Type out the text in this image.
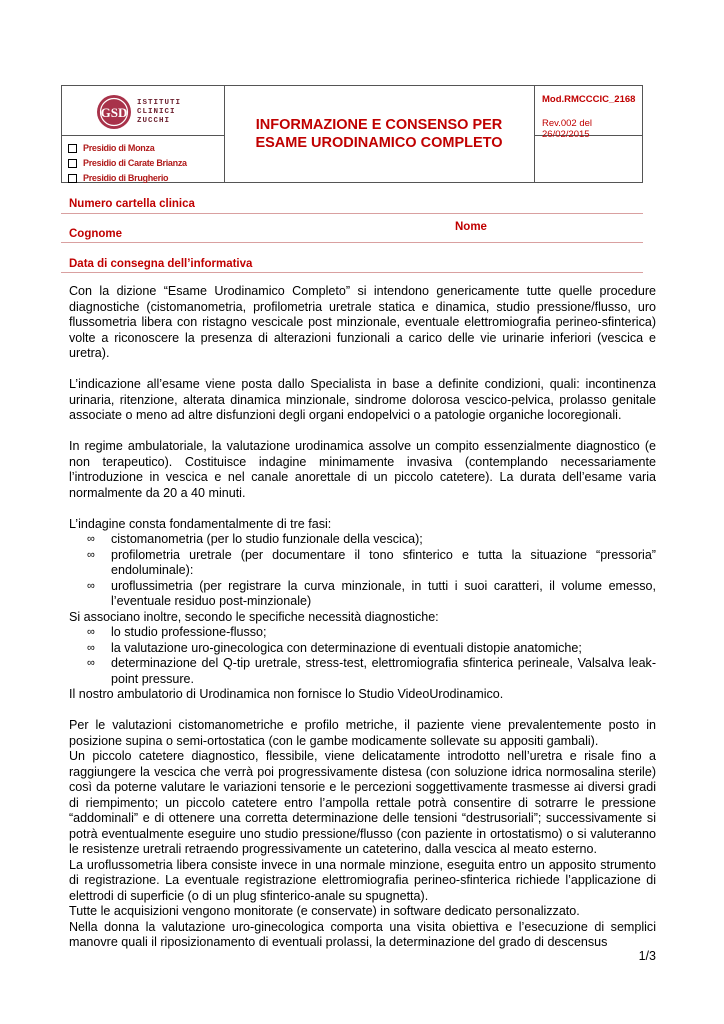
GSD
ISTITUTI
CLINICI
ZUCCHI
Presidio di Monza
Presidio di Carate Brianza
Presidio di Brugherio
INFORMAZIONE E CONSENSO PER
ESAME URODINAMICO COMPLETO
Mod.RMCCCIC_2168
Rev.002 del 26/02/2015
Numero cartella clinica
Nome
Cognome
Data di consegna dell’informativa

Con la dizione “Esame Urodinamico Completo” si intendono genericamente tutte quelle procedure diagnostiche (cistomanometria, profilometria uretrale statica e dinamica, studio pressione/flusso, uro flussometria libera con ristagno vescicale post minzionale, eventuale elettromiografia perineo-sfinterica) volte a riconoscere la presenza di alterazioni funzionali a carico delle vie urinarie inferiori (vescica e uretra).

L’indicazione all’esame viene posta dallo Specialista in base a definite condizioni, quali: incontinenza urinaria, ritenzione, alterata dinamica minzionale, sindrome dolorosa vescico-pelvica, prolasso genitale associate o meno ad altre disfunzioni degli organi endopelvici o a patologie organiche locoregionali.

In regime ambulatoriale, la valutazione urodinamica assolve un compito essenzialmente diagnostico (e non terapeutico). Costituisce indagine minimamente invasiva (contemplando necessariamente l’introduzione in vescica e nel canale anorettale di un piccolo catetere). La durata dell’esame varia normalmente da 20 a 40 minuti.

L’indagine consta fondamentalmente di tre fasi:

∞ cistomanometria (per lo studio funzionale della vescica);
∞ profilometria uretrale (per documentare il tono sfinterico e tutta la situazione “pressoria” endoluminale):
∞ uroflussimetria (per registrare la curva minzionale, in tutti i suoi caratteri, il volume emesso, l’eventuale residuo post-minzionale)

Si associano inoltre, secondo le specifiche necessità diagnostiche:

∞ lo studio professione-flusso;
∞ la valutazione uro-ginecologica con determinazione di eventuali distopie anatomiche;
∞ determinazione del Q-tip uretrale, stress-test, elettromiografia sfinterica perineale, Valsalva leak-point pressure.

Il nostro ambulatorio di Urodinamica non fornisce lo Studio VideoUrodinamico.

Per le valutazioni cistomanometriche e profilo metriche, il paziente viene prevalentemente posto in posizione supina o semi-ortostatica (con le gambe modicamente sollevate su appositi gambali).

Un piccolo catetere diagnostico, flessibile, viene delicatamente introdotto nell’uretra e risale fino a raggiungere la vescica che verrà poi progressivamente distesa (con soluzione idrica normosalina sterile) così da poterne valutare le variazioni tensorie e le percezioni soggettivamente trasmesse ai diversi gradi di riempimento; un piccolo catetere entro l’ampolla rettale potrà consentire di sotrarre le pressione “addominali” e di ottenere una corretta determinazione delle tensioni “destrusoriali”; successivamente si potrà eventualmente eseguire uno studio pressione/flusso (con paziente in ortostatismo) o si valuteranno le resistenze uretrali retraendo progressivamente un cateterino, dalla vescica al meato esterno.

La uroflussometria libera consiste invece in una normale minzione, eseguita entro un apposito strumento di registrazione. La eventuale registrazione elettromiografia perineo-sfinterica richiede l’applicazione di elettrodi di superficie (o di un plug sfinterico-anale su spugnetta).

Tutte le acquisizioni vengono monitorate (e conservate) in software dedicato personalizzato.

Nella donna la valutazione uro-ginecologica comporta una visita obiettiva e l’esecuzione di semplici manovre quali il riposizionamento di eventuali prolassi, la determinazione del grado di descensus

1/3
